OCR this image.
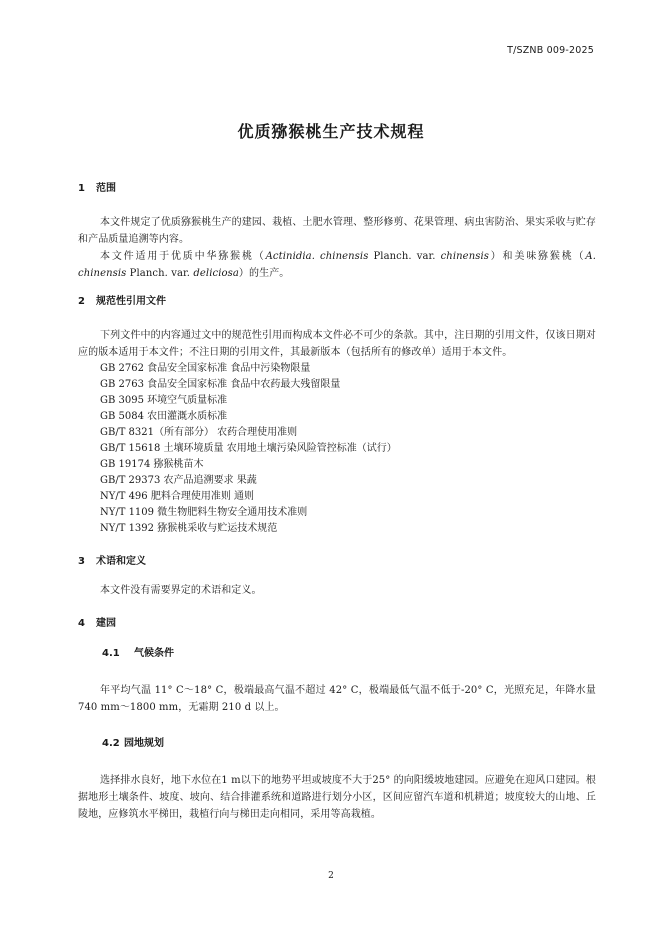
T/SZNB 009-2025
优质猕猴桃生产技术规程
1 范围

本文件规定了优质猕猴桃生产的建园、栽植、土肥水管理、整形修剪、花果管理、病虫害防治、果实采收与贮存和产品质量追溯等内容。

本文件适用于优质中华猕猴桃（Actinidia. chinensis Planch. var. chinensis）和美味猕猴桃（A. chinensis Planch. var. deliciosa）的生产。

2 规范性引用文件

下列文件中的内容通过文中的规范性引用而构成本文件必不可少的条款。其中，注日期的引用文件，仅该日期对应的版本适用于本文件；不注日期的引用文件，其最新版本（包括所有的修改单）适用于本文件。

GB 2762 食品安全国家标准 食品中污染物限量
GB 2763 食品安全国家标准 食品中农药最大残留限量
GB 3095 环境空气质量标准
GB 5084 农田灌溉水质标准
GB/T 8321（所有部分） 农药合理使用准则
GB/T 15618 土壤环境质量 农用地土壤污染风险管控标准（试行）
GB 19174 猕猴桃苗木
GB/T 29373 农产品追溯要求 果蔬
NY/T 496 肥料合理使用准则 通则
NY/T 1109 微生物肥料生物安全通用技术准则
NY/T 1392 猕猴桃采收与贮运技术规范
3 术语和定义

本文件没有需要界定的术语和定义。

4 建园
4.1 气候条件

年平均气温 11° C～18° C，极端最高气温不超过 42° C，极端最低气温不低于-20° C，光照充足，年降水量 740 mm～1800 mm，无霜期 210 d 以上。

4.2 园地规划

选择排水良好，地下水位在1 m以下的地势平坦或坡度不大于25° 的向阳缓坡地建园。应避免在迎风口建园。根据地形土壤条件、坡度、坡向、结合排灌系统和道路进行划分小区，区间应留汽车道和机耕道；坡度较大的山地、丘陵地，应修筑水平梯田，栽植行向与梯田走向相同，采用等高栽植。

2
